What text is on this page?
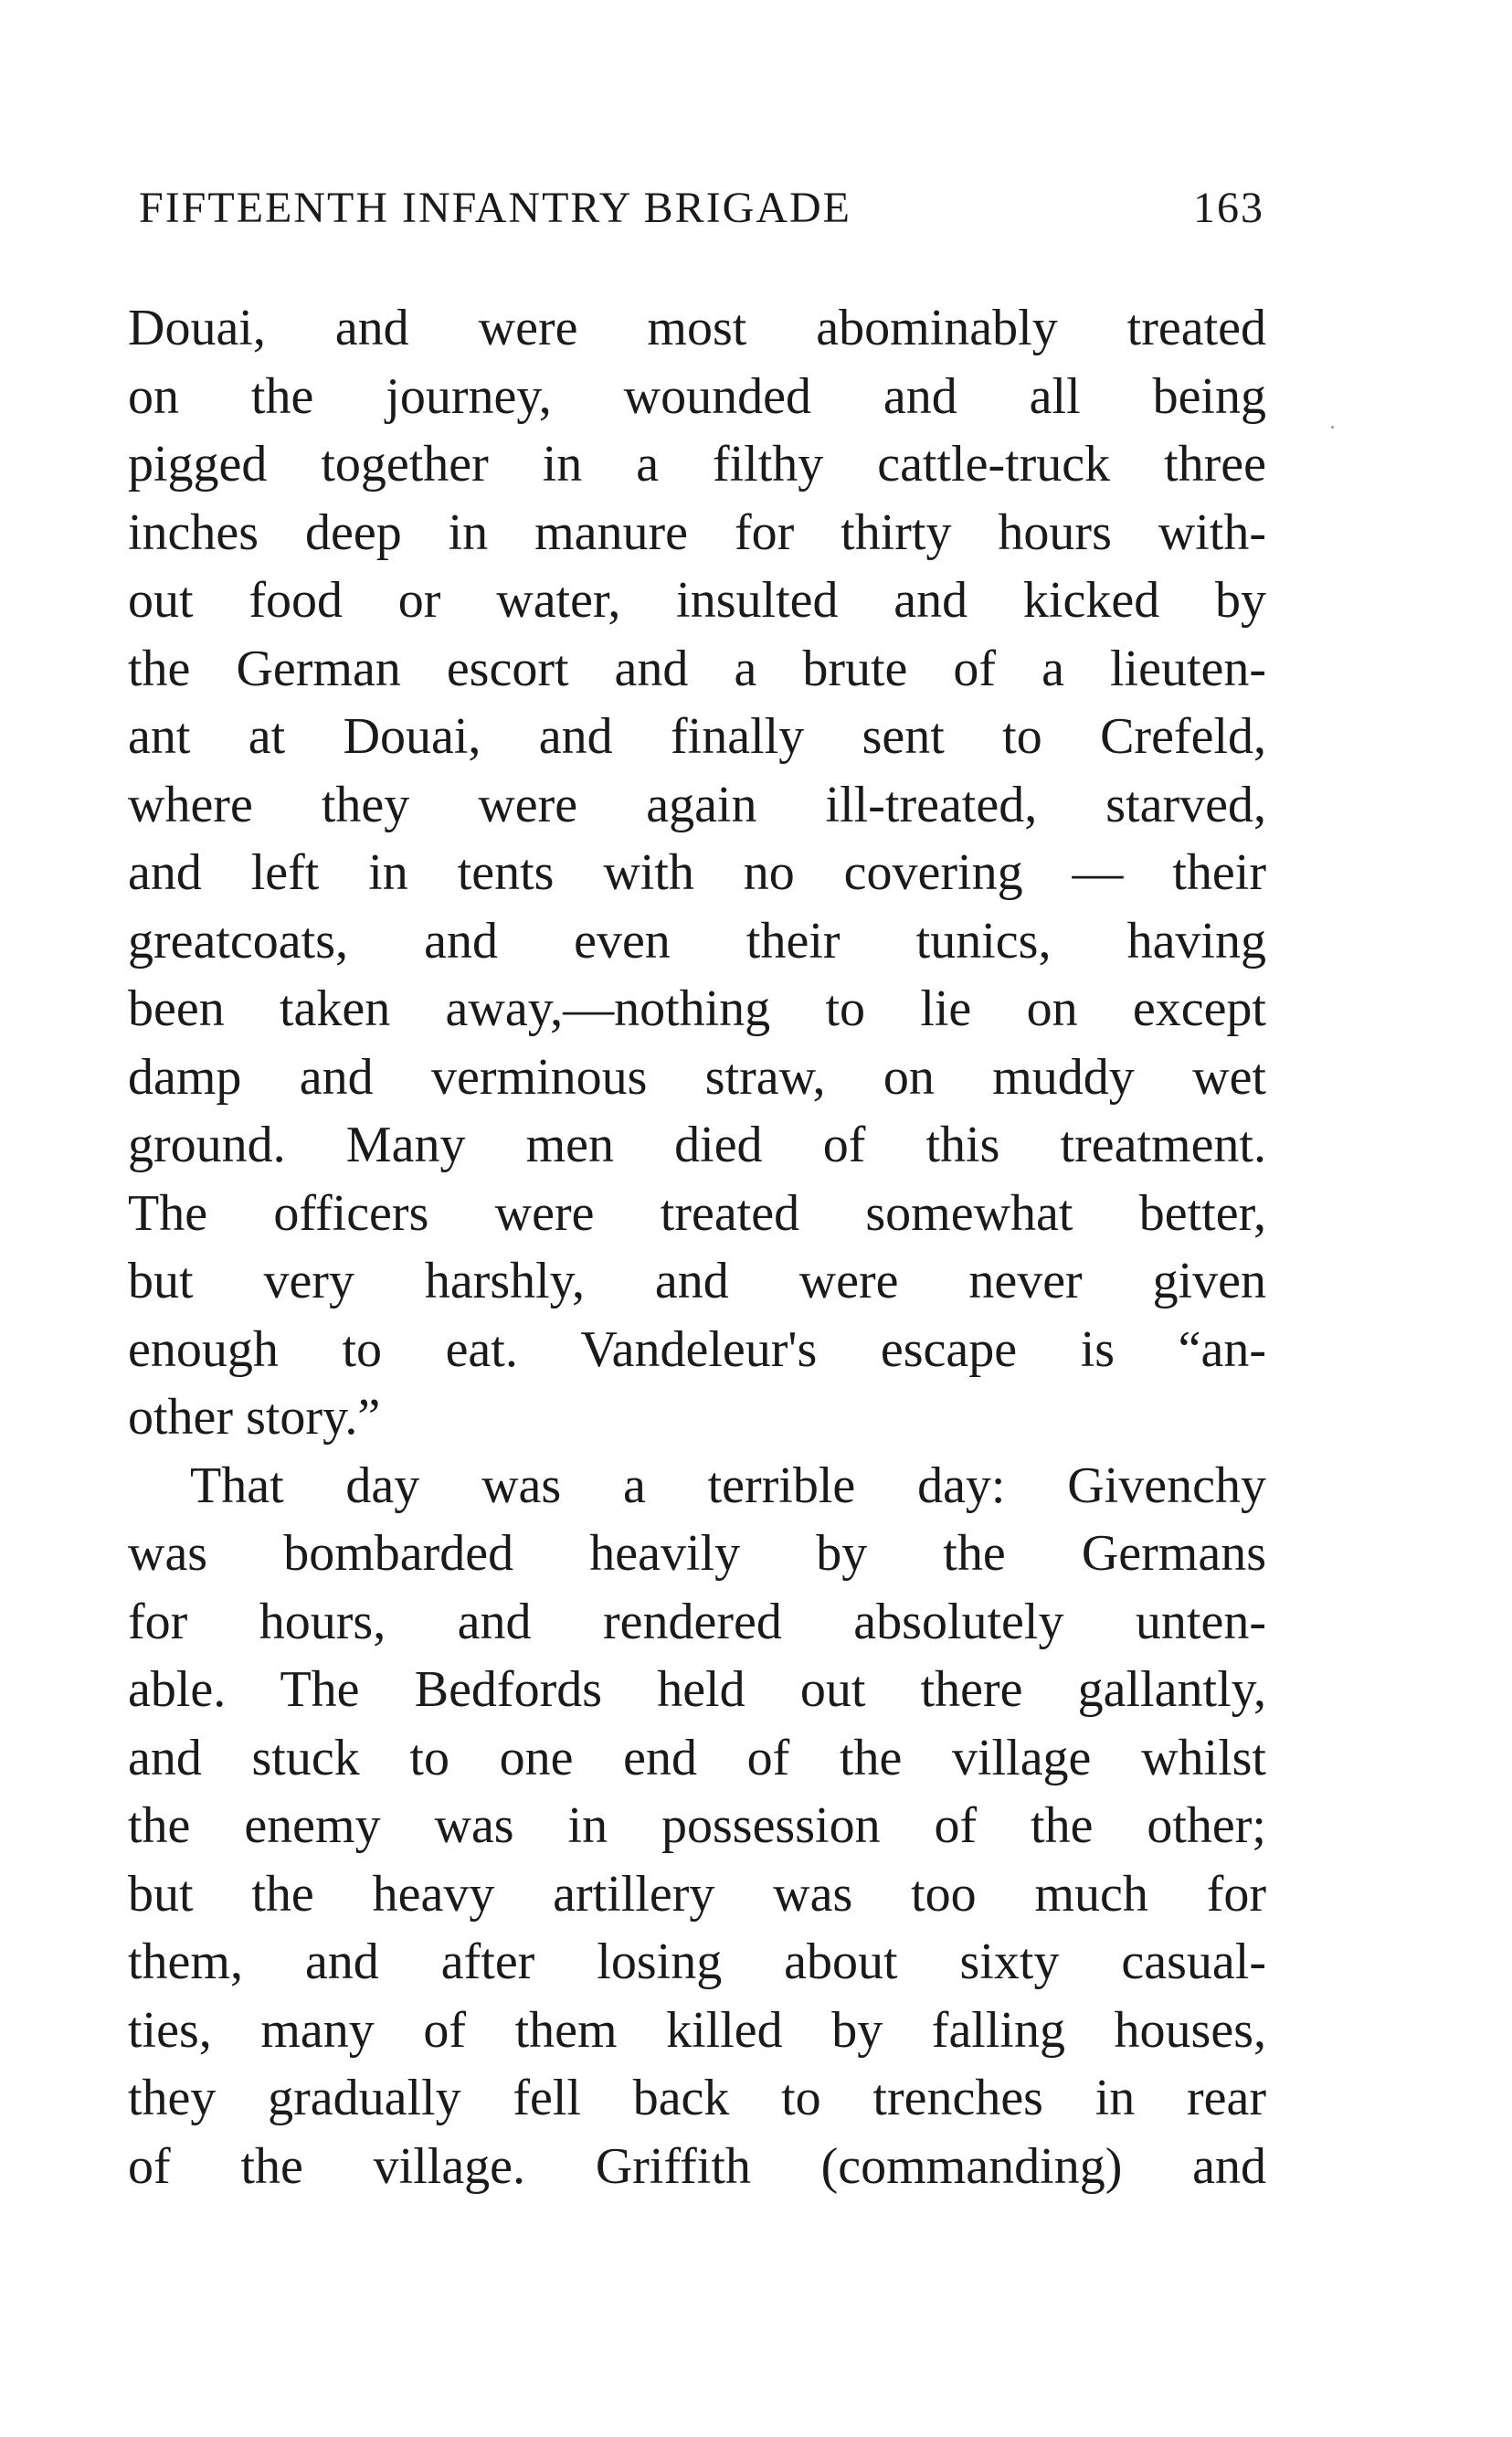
FIFTEENTH INFANTRY BRIGADE	163
Douai, and were most abominably treated
on the journey, wounded and all being
pigged together in a filthy cattle-truck three
inches deep in manure for thirty hours with-
out food or water, insulted and kicked by
the German escort and a brute of a lieuten-
ant at Douai, and finally sent to Crefeld,
where they were again ill-treated, starved,
and left in tents with no covering — their
greatcoats, and even their tunics, having
been taken away,—nothing to lie on except
damp and verminous straw, on muddy wet
ground. Many men died of this treatment.
The officers were treated somewhat better,
but very harshly, and were never given
enough to eat. Vandeleur's escape is “an-
other story.”
That day was a terrible day: Givenchy
was bombarded heavily by the Germans
for hours, and rendered absolutely unten-
able. The Bedfords held out there gallantly,
and stuck to one end of the village whilst
the enemy was in possession of the other;
but the heavy artillery was too much for
them, and after losing about sixty casual-
ties, many of them killed by falling houses,
they gradually fell back to trenches in rear
of the village. Griffith (commanding) and
